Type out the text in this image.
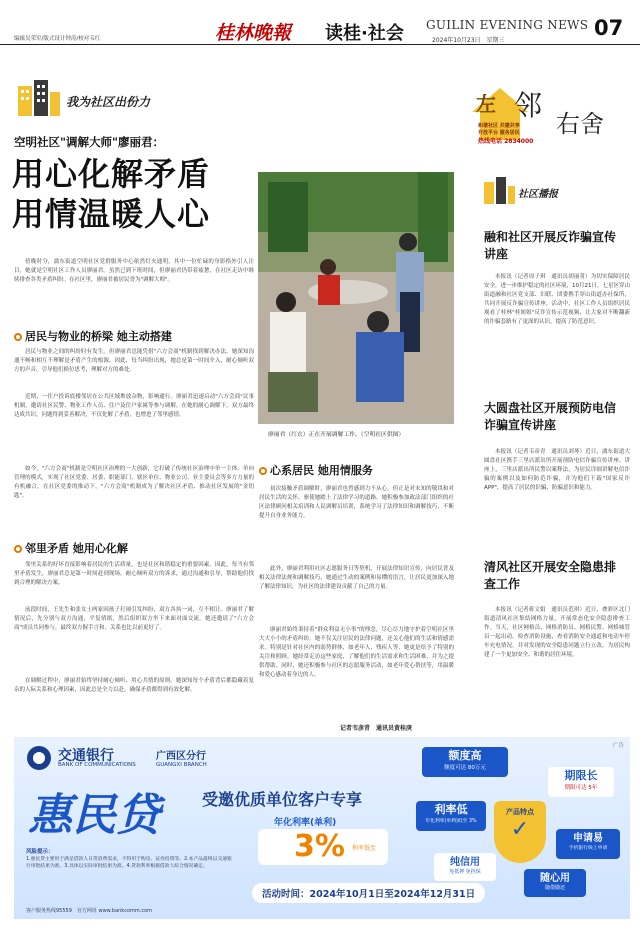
编辑吴荣军/版式设计钟涛/校对韦红	桂林晚報 读桂·社会 GUILIN EVENING NEWS
2024年10月23日　星期三
07
我为社区出份力
空明社区"调解大师"廖丽君：
用心化解矛盾
用情温暖人心
傍晚时分，漓东街道空明社区党群服务中心依然灯火通明，其中一位忙碌的身影格外引人注目，她就是空明社区工作人员廖丽君。虽然已到下班时间，但廖丽君仍带着疲惫，在社区走访中继续排查各类矛盾纠纷。在社区里，廖丽君被居民誉为"调解大师"。
居民与物业的桥梁 她主动搭建
居民与物业之间的纠纷时有发生。但廖丽君总能凭借"六方会商"机制找到解决办法。她深知沟通不畅和相互不理解是矛盾产生的根源。因此，每当纠纷出现，她总是第一时间介入，耐心倾听双方的声音，引导他们换位思考，理解对方的难处。
近期，一住户投诉底楼邻居在公共区域堆放杂物，影响通行。廖丽君迅速启动"六方会商"议事机制，邀请社区民警、物业工作人员、住户及住户家属等参与调解。在她的耐心调解下，双方最终达成共识，问题得到妥善解决，不仅化解了矛盾，也增进了邻里感情。
如今，"六方会商"机制是空明社区治理的一大创新，它打破了传统社区治理中单一主体、单向管理的模式，实现了社区党委、居委、职能部门、辖区单位、物业公司、业主委员会等多方力量的有机融合，在社区党委的推动下，"六方会商"机制成为了解决社区矛盾、推动社区发展的"金钥匙"。
邻里矛盾 她用心化解
邻里关系的好坏直接影响着居民的生活质量，也是社区和谐稳定的重要因素。因此，每当有邻里矛盾发生，廖丽君总是第一时间赶到现场，耐心倾听双方的诉求，通过沟通和引导，帮助他们找到合理的解决方案。
前段时间，王先生和张女士两家因孩子打闹引发纠纷，双方各执一词，互不相让。廖丽君了解情况后，先分别与双方沟通，平复情绪，然后组织双方坐下来面对面交流。她还邀请了"六方会商"成员共同参与，最终双方握手言和，关系也比以前更好了。
在调解过程中，廖丽君始终坚持耐心倾听、用心共情的原则。她深知每个矛盾背后都隐藏着复杂的人际关系和心理因素，因此总是全力以赴，确保矛盾都得到有效化解。
廖丽君（红衣）正在开展调解工作。（空明社区供图）
心系居民 她用情服务
初次接触矛盾调解时，廖丽君也曾感到力不从心。但正是对未知的敬畏和对居民生活的关怀，驱使她踏上了法律学习的道路。她积极参加政法部门组织的社区法律顾问相关培训和人民调解员培训，系统学习了法律知识和调解技巧，不断提升自身业务能力。
此外，廖丽君利用社区志愿服务日等契机，开展法律知识宣传，向居民普及相关法律法规和调解技巧，她通过生动的案例和易懂的语言，让居民更加深入地了解法律知识，为社区的法律建设贡献了自己的力量。
廖丽君始终秉持着"群众利益无小事"的理念，尽心尽力地守护着空明社区里大大小小的矛盾纠纷。她不仅关注居民的法律问题，还关心他们的生活和情感需求。特别是针对社区内的弱势群体，如老年人、残疾人等，她更是给予了特别的关注和照顾。她经常走访这些家庭，了解他们的生活需求和生活困难，并为之提供帮助。同时，她还积极参与社区的志愿服务活动，如老年爱心帮扶等，用温暖和爱心感动着身边的人。
记者韦彦青　通讯员黄桂庚
左 邻
右舍
和谐社区 共建共享
开放平台 服务居民
热线电话 2834000
社区播报
融和社区开展反诈骗宣传讲座
本报讯（记者周子琪　通讯员胡丽菁）为切实保障居民安全，进一步维护稳定的社区环境，10月21日，七星区穿山街道融和社区党支部、妇联、团委携手穿山街道办社保所，共同开展反诈骗宣传讲座。活动中，社区工作人员组织居民观看了桂林"桂姐姐"反诈宣传示范视频，让大家对不断翻新的诈骗套路有了更深的认识，提高了防范意识。
大圆盘社区开展预防电信诈骗宣传讲座
本报讯（记者韦彦青　通讯员刘琴）近日，漓东街道大圆盘社区携手三里店派出所开展预防电信诈骗宣传讲座。讲座上，三里店派出所民警以案释法，为居民详细讲解电信诈骗的案例以及如何防范诈骗，并为他们下载"国家反诈APP"，提高了居民的识骗、防骗意识和能力。
清风社区开展安全隐患排查工作
本报讯（记者蒋文娟　通讯员范琪）近日，叠彩区北门街道清风社区集结网格力量，开展常态化安全隐患排查工作。当天，社区网格员、网格消防员、网格民警、网格城管员一起出动，检查消防设施、查看消防安全通道和电动车停车充电情况，并对发现的安全隐患问题立行立改，为居民构建了一个更加安全、和谐的居住环境。
广告
交通银行
BANK OF COMMUNICATIONS
广西区分行
GUANGXI BRANCH
惠民贷	受邀优质单位客户专享
年化利率(单利)
3% 利率低至
活动时间：2024年10月1日至2024年12月31日
风险提示：
1.惠民贷主要用于满足借款人日常消费需求，不得用于购房、证券投资等。2.本产品最终以交通银行审批结果为准。3.具体以实际审批结果为准。4.贷款利率根据借款人综合情况确定。
客户服务热线95559　官方网址 www.bankcomm.com
额度高
额度可达 80万元
期限长
期限可达 5年
利率低
年化利率(单利)低至 3%
产品特点
✓	申请易
手机银行线上申请
纯信用
免抵押 免担保
随心用
随借随还
